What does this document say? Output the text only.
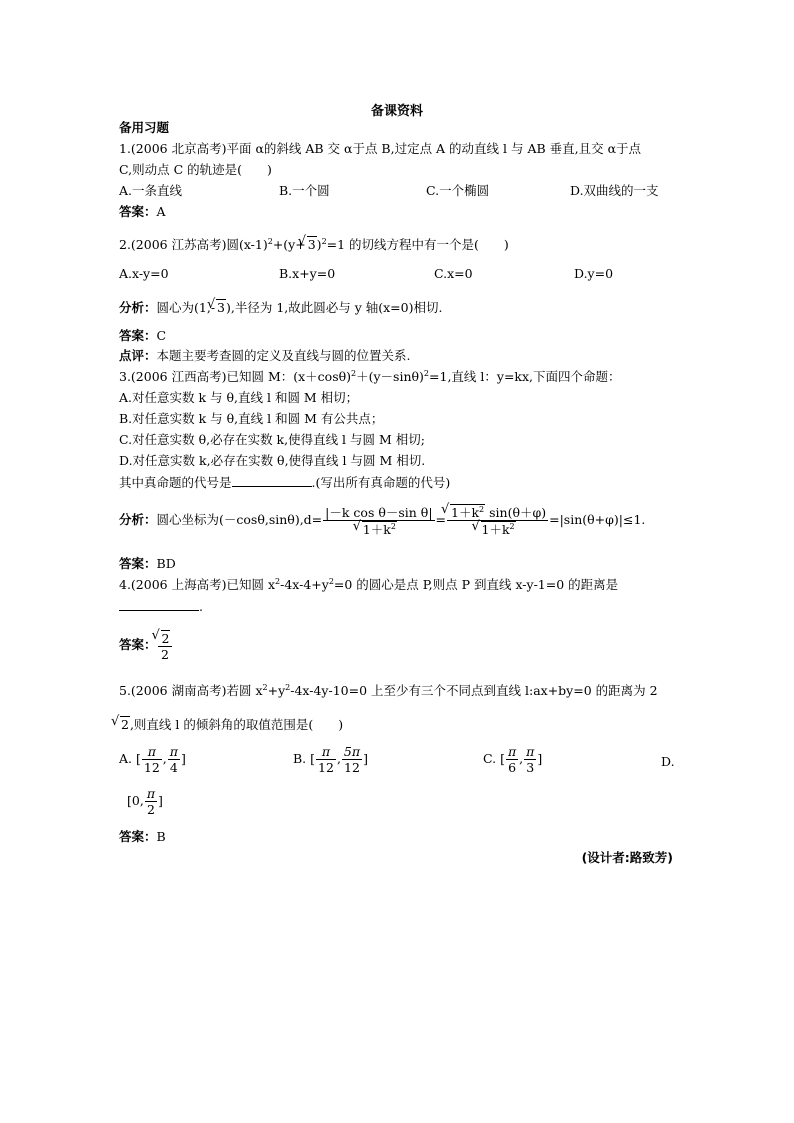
备课资料
备用习题
1.(2006 北京高考)平面 α的斜线 AB 交 α于点 B,过定点 A 的动直线 l 与 AB 垂直,且交 α于点
C,则动点 C 的轨迹是(　　)
A.一条直线	B.一个圆	C.一个椭圆	D.双曲线的一支
答案：A
2.(2006 江苏高考)圆$(x-1)^2+(y+√$ 3)$^2$=1 的切线方程中有一个是(　　)
A.x-y=0	B.x+y=0	C.x=0	D.y=0
分析：圆心为(1,-√ 3),半径为 1,故此圆必与 y 轴(x=0)相切.
答案：C
点评：本题主要考查圆的定义及直线与圆的位置关系.
3.(2006 江西高考)已知圆 M：$(x+\cos\theta)^2+(y-\sin\theta)^2=1$,直线 l：y=kx,下面四个命题：
A.对任意实数 k 与 θ,直线 l 和圆 M 相切；
B.对任意实数 k 与 θ,直线 l 和圆 M 有公共点；
C.对任意实数 θ,必存在实数 k,使得直线 l 与圆 M 相切;
D.对任意实数 k,必存在实数 θ,使得直线 l 与圆 M 相切.
其中真命题的代号是	.(写出所有真命题的代号)
分析：圆心坐标为(－cosθ,sinθ),d= |－k cos θ－sin θ|
√ $1+k^2$ =
√ $1+k^2$ sin(θ＋φ)
√ $1+k^2 =|\sin(\theta+\varphi)|\le 1$.
答案：BD
4.(2006 上海高考)已知圆 $x^2-4x-4+y^2=0$ 的圆心是点 P,则点 P 到直线 x-y-1=0 的距离是
.
答案：
√ $\frac{2}{2}$
5.(2006 湖南高考)若圆 $x^2+y^2-4x-4y-10=0$ 上至少有三个不同点到直线 l:ax+by=0 的距离为 2
√ 2,则直线 l 的倾斜角的取值范围是(　　)
A. [ $\frac{\pi}{12}$ , $\frac{\pi}{4}$ ]	B. [ $\frac{\pi}{12}$ , $\frac{5\pi}{12}$ ]	C. [ $\frac{\pi}{6}$ , $\frac{\pi}{3}$ ]	D.
[0, $\frac{\pi}{2}$ ]
答案：B
(设计者:路致芳)
